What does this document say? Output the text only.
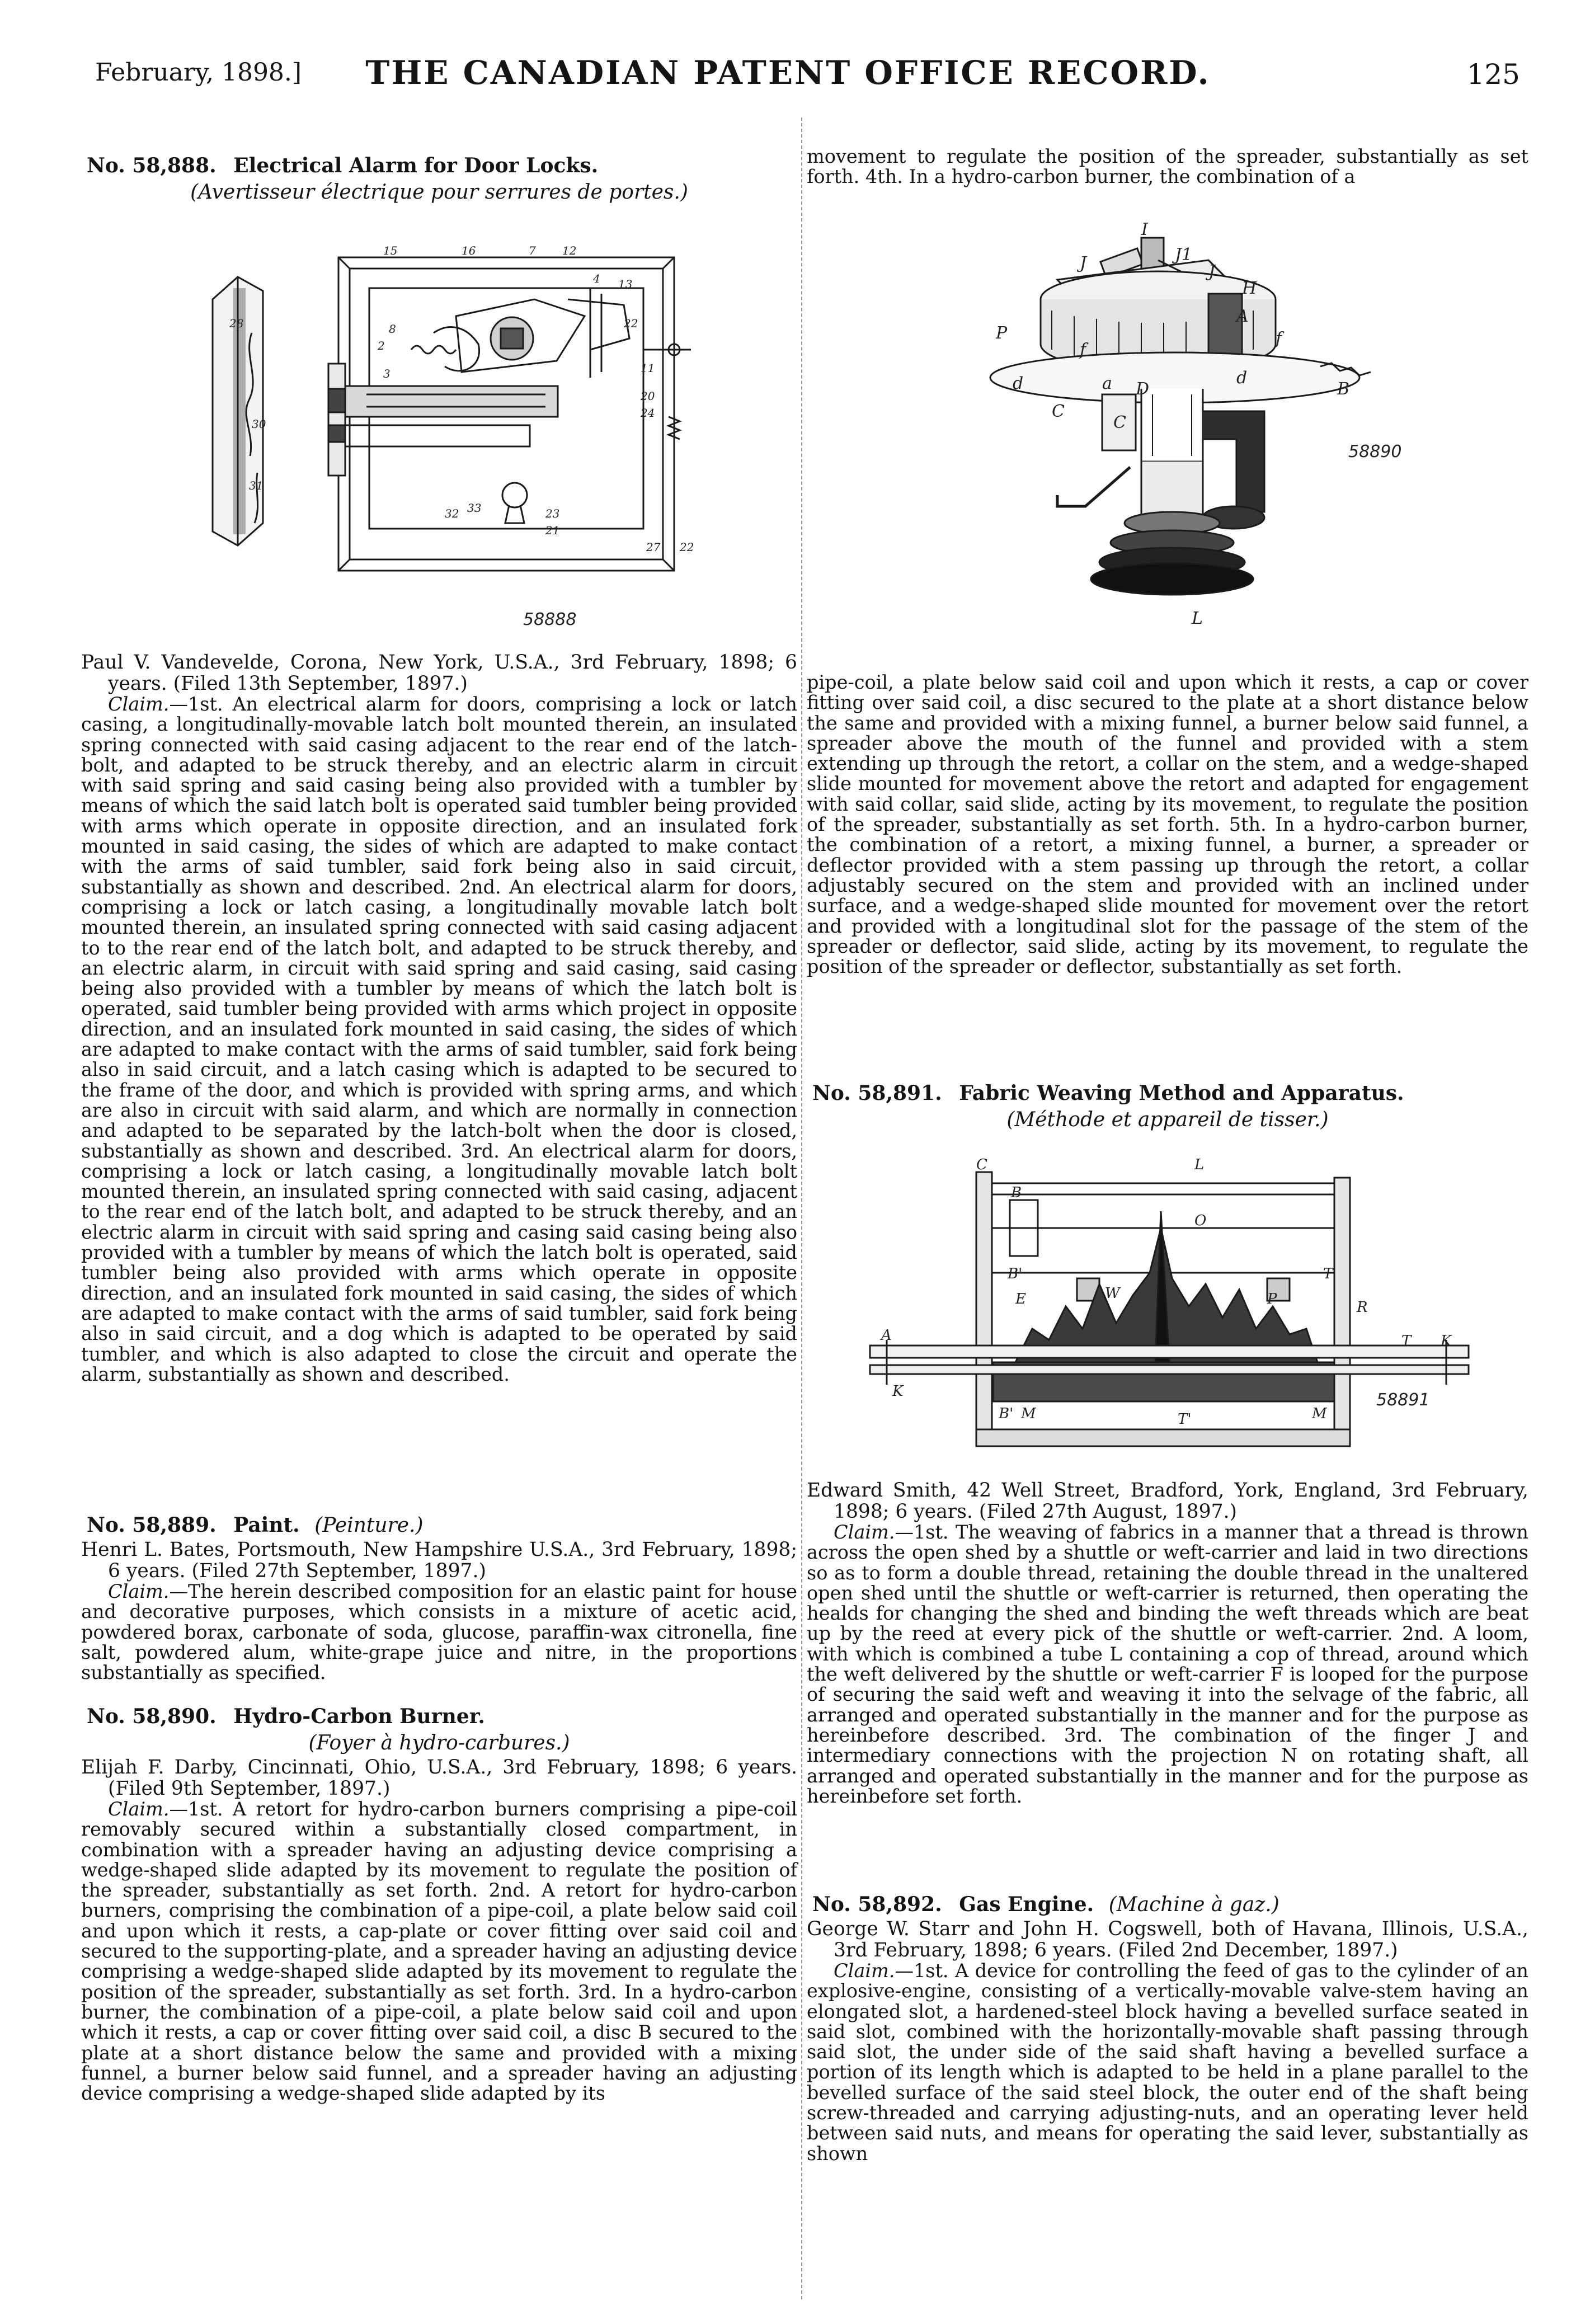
February, 1898.]	THE CANADIAN PATENT OFFICE RECORD.	125
No. 58,888. Electrical Alarm for Door Locks.
(Avertisseur électrique pour serrures de portes.)
28
30
31
15	16	7 12
4 13
22
8
2
3
20
24
11
33
32	23
21
27 22
58888

Paul V. Vandevelde, Corona, New York, U.S.A., 3rd February, 1898; 6 years. (Filed 13th September, 1897.)

Claim.—1st. An electrical alarm for doors, comprising a lock or latch casing, a longitudinally-movable latch bolt mounted therein, an insulated spring connected with said casing adjacent to the rear end of the latch-bolt, and adapted to be struck thereby, and an electric alarm in circuit with said spring and said casing being also provided with a tumbler by means of which the said latch bolt is operated said tumbler being provided with arms which operate in opposite direction, and an insulated fork mounted in said casing, the sides of which are adapted to make contact with the arms of said tumbler, said fork being also in said circuit, substantially as shown and described. 2nd. An electrical alarm for doors, comprising a lock or latch casing, a longitudinally movable latch bolt mounted therein, an insulated spring connected with said casing adjacent to to the rear end of the latch bolt, and adapted to be struck thereby, and an electric alarm, in circuit with said spring and said casing, said casing being also provided with a tumbler by means of which the latch bolt is operated, said tumbler being provided with arms which project in opposite direction, and an insulated fork mounted in said casing, the sides of which are adapted to make contact with the arms of said tumbler, said fork being also in said circuit, and a latch casing which is adapted to be secured to the frame of the door, and which is provided with spring arms, and which are also in circuit with said alarm, and which are normally in connection and adapted to be separated by the latch-bolt when the door is closed, substantially as shown and described. 3rd. An electrical alarm for doors, comprising a lock or latch casing, a longitudinally movable latch bolt mounted therein, an insulated spring connected with said casing, adjacent to the rear end of the latch bolt, and adapted to be struck thereby, and an electric alarm in circuit with said spring and casing said casing being also provided with a tumbler by means of which the latch bolt is operated, said tumbler being also provided with arms which operate in opposite direction, and an insulated fork mounted in said casing, the sides of which are adapted to make contact with the arms of said tumbler, said fork being also in said circuit, and a dog which is adapted to be operated by said tumbler, and which is also adapted to close the circuit and operate the alarm, substantially as shown and described.

No. 58,889. Paint. (Peinture.)

Henri L. Bates, Portsmouth, New Hampshire U.S.A., 3rd February, 1898; 6 years. (Filed 27th September, 1897.)

Claim.—The herein described composition for an elastic paint for house and decorative purposes, which consists in a mixture of acetic acid, powdered borax, carbonate of soda, glucose, paraffin-wax citronella, fine salt, powdered alum, white-grape juice and nitre, in the proportions substantially as specified.

No. 58,890. Hydro-Carbon Burner.
(Foyer à hydro-carbures.)

Elijah F. Darby, Cincinnati, Ohio, U.S.A., 3rd February, 1898; 6 years. (Filed 9th September, 1897.)

Claim.—1st. A retort for hydro-carbon burners comprising a pipe-coil removably secured within a substantially closed compartment, in combination with a spreader having an adjusting device comprising a wedge-shaped slide adapted by its movement to regulate the position of the spreader, substantially as set forth. 2nd. A retort for hydro-carbon burners, comprising the combination of a pipe-coil, a plate below said coil and upon which it rests, a cap-plate or cover fitting over said coil and secured to the supporting-plate, and a spreader having an adjusting device comprising a wedge-shaped slide adapted by its movement to regulate the position of the spreader, substantially as set forth. 3rd. In a hydro-carbon burner, the combination of a pipe-coil, a plate below said coil and upon which it rests, a cap or cover fitting over said coil, a disc B secured to the plate at a short distance below the same and provided with a mixing funnel, a burner below said funnel, and a spreader having an adjusting device comprising a wedge-shaped slide adapted by its

movement to regulate the position of the spreader, substantially as set forth. 4th. In a hydro-carbon burner, the combination of a

I
J1
J	J
H
A
P	f
f
d	a D
d
B
C
C
L
58890

pipe-coil, a plate below said coil and upon which it rests, a cap or cover fitting over said coil, a disc secured to the plate at a short distance below the same and provided with a mixing funnel, a burner below said funnel, a spreader above the mouth of the funnel and provided with a stem extending up through the retort, a collar on the stem, and a wedge-shaped slide mounted for movement above the retort and adapted for engagement with said collar, said slide, acting by its movement, to regulate the position of the spreader, substantially as set forth. 5th. In a hydro-carbon burner, the combination of a retort, a mixing funnel, a burner, a spreader or deflector provided with a stem passing up through the retort, a collar adjustably secured on the stem and provided with an inclined under surface, and a wedge-shaped slide mounted for movement over the retort and provided with a longitudinal slot for the passage of the stem of the spreader or deflector, said slide, acting by its movement, to regulate the position of the spreader or deflector, substantially as set forth.

No. 58,891. Fabric Weaving Method and Apparatus.
(Méthode et appareil de tisser.)
C
B
L
O
B'
E	W	P
T
A
K
T K
B' M	T'	M
R
58891

Edward Smith, 42 Well Street, Bradford, York, England, 3rd February, 1898; 6 years. (Filed 27th August, 1897.)

Claim.—1st. The weaving of fabrics in a manner that a thread is thrown across the open shed by a shuttle or weft-carrier and laid in two directions so as to form a double thread, retaining the double thread in the unaltered open shed until the shuttle or weft-carrier is returned, then operating the healds for changing the shed and binding the weft threads which are beat up by the reed at every pick of the shuttle or weft-carrier. 2nd. A loom, with which is combined a tube L containing a cop of thread, around which the weft delivered by the shuttle or weft-carrier F is looped for the purpose of securing the said weft and weaving it into the selvage of the fabric, all arranged and operated substantially in the manner and for the purpose as hereinbefore described. 3rd. The combination of the finger J and intermediary connections with the projection N on rotating shaft, all arranged and operated substantially in the manner and for the purpose as hereinbefore set forth.

No. 58,892. Gas Engine. (Machine à gaz.)

George W. Starr and John H. Cogswell, both of Havana, Illinois, U.S.A., 3rd February, 1898; 6 years. (Filed 2nd December, 1897.)

Claim.—1st. A device for controlling the feed of gas to the cylinder of an explosive-engine, consisting of a vertically-movable valve-stem having an elongated slot, a hardened-steel block having a bevelled surface seated in said slot, combined with the horizontally-movable shaft passing through said slot, the under side of the said shaft having a bevelled surface a portion of its length which is adapted to be held in a plane parallel to the bevelled surface of the said steel block, the outer end of the shaft being screw-threaded and carrying adjusting-nuts, and an operating lever held between said nuts, and means for operating the said lever, substantially as shown
